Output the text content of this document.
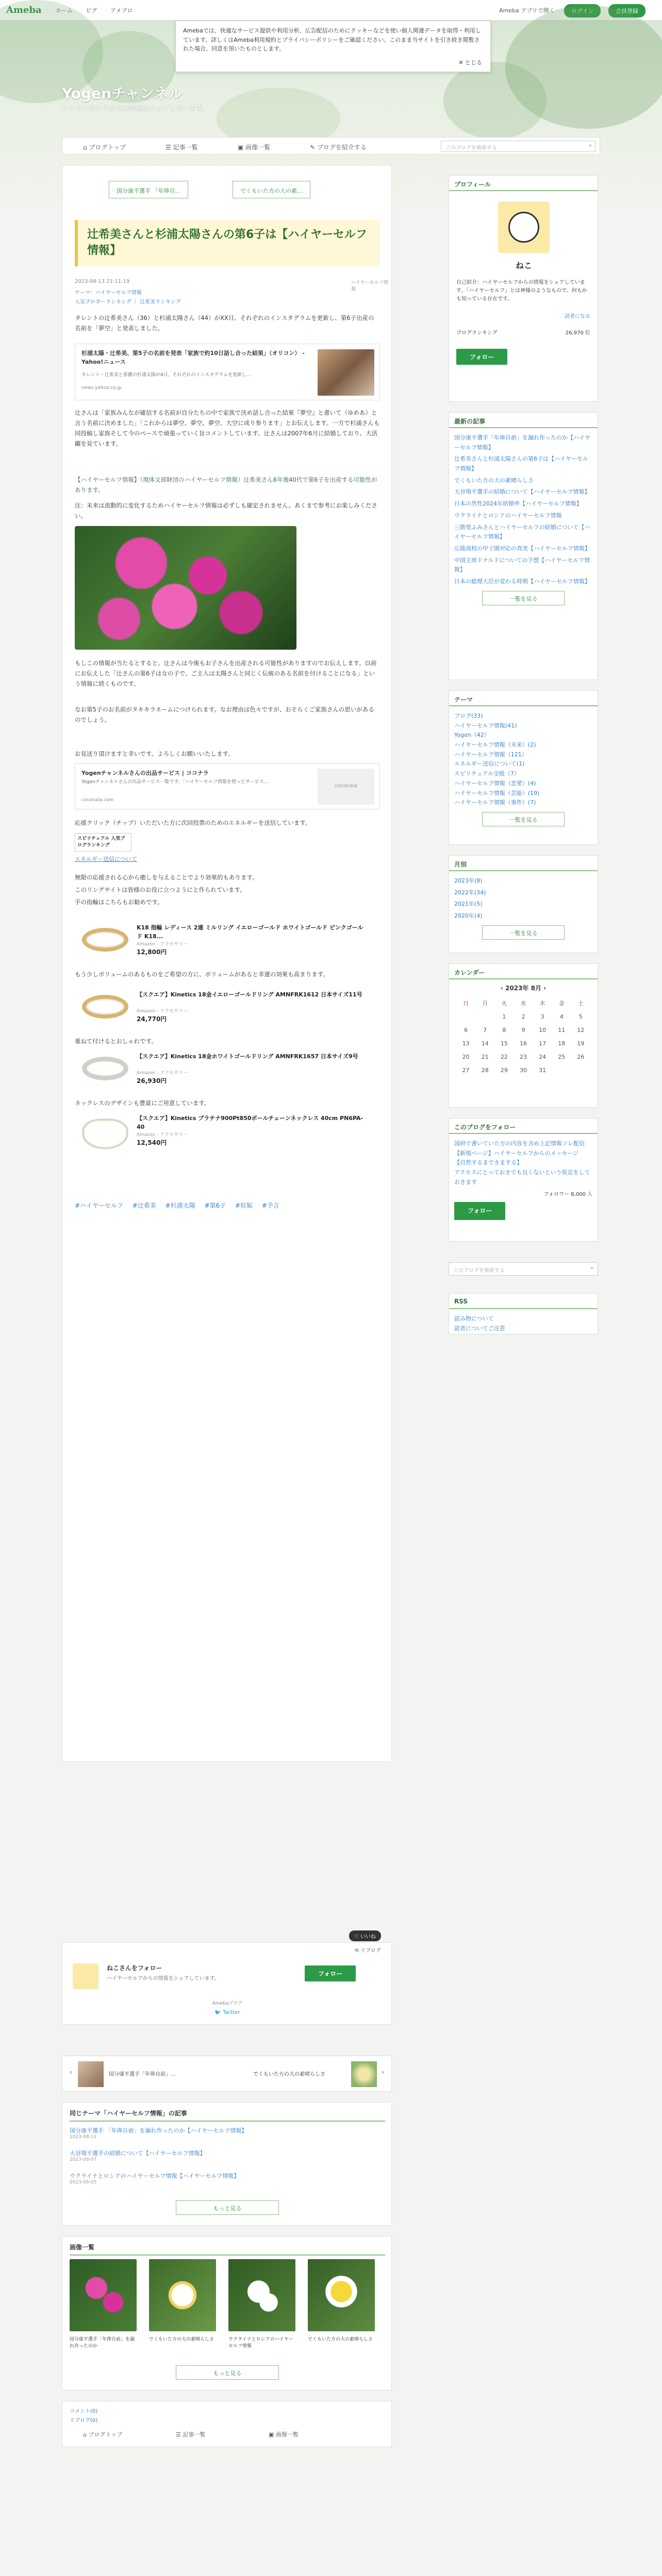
Ameba ホーム ピグ アメブロ	Ameba アプリで開く	ログイン	会員登録
Yogenチャンネル
ハイヤーセルフからの情報をシェアしています。
Amebaでは、快適なサービス提供や利用分析、広告配信のためにクッキーなどを使い個人関連データを取得・利用しています。詳しくはAmeba利用規約とプライバシーポリシーをご確認ください。このまま当サイトを引き続き閲覧された場合、同意を頂いたものとします。
✕ とじる
⌂ ブログトップ	☰ 記事一覧	▣ 画像一覧	✎ ブログを紹介する	このブログを検索する	⌕
国分康平選手 「年俸自...	でくもいた方の大の素...
辻希美さんと杉浦太陽さんの第6子は【ハイヤーセルフ情報】
2023-08-13 21:11:19	ハイヤーセルフ情報
テーマ：ハイヤーセルフ情報
人気ブロガーランキング ｜ 辻希美ランキング
タレントの辻希美さん（36）と杉浦太陽さん（44）がXX日、それぞれのインスタグラムを更新し、第6子出産の名前を「夢空」と発表しました。
杉浦太陽・辻希美、第5子の名前を発表「家族で約10日話し合った結果」（オリコン） - Yahoo!ニュース
タレント・辻希美と俳優の杉浦太陽が4日、それぞれのインスタグラムを更新し...
news.yahoo.co.jp
辻さんは「家族みんなが確信する名前が自分たちの中で家族で決め話し合った結果『夢空』と書いて（ゆめあ）と言う名前に決めました」「これからは夢空、夢空、夢空、大空に成り参ります」とお伝えします。一方で杉浦さんも同投稿し家族そして今のペースで頑張っていく旨コメントしています。辻さんは2007年6月に結婚しており、大活躍を見ています。
【ハイヤーセルフ情報】（現体文部財団のハイヤーセルフ情報）辻希美さん6年後40代で第6子を出産する可能性があります。
注：未来は流動的に変化するためハイヤーセルフ情報は必ずしも確定されません。あくまで参考にお楽しみください。
もしこの情報が当たるとすると、辻さんは今後もお子さんを出産される可能性がありますのでお伝えします。以前にお伝えした「辻さんの第6子は女の子で、ご主人は太陽さんと同じく伝統のある名前を付けることになる」という情報に続くものです。
なお第5子のお名前がタキキラネームにつけられます。なお理由は色々ですが、おそらくご家族さんの思いがあるのでしょう。
お見送り頂けますと幸いです。よろしくお願いいたします。
Yogenチャンネルさんの出品サービス | ココナラ
Yogenチャンネルさんの出品サービス一覧です。「ハイヤーセルフ情報を使ったサービス…
coconala.com
coconala
応援クリック（チップ）いただいた方に次回投票のためのエネルギーを送信しています。
スピリチュアル 人気ブログランキング
エネルギー送信について
無限の応援される心から癒しを与えることでより効果的もあります。
このリングサイトは皆様のお役に立つようにと作られています。
手の指輪はこちらもお勧めです。
K18 指輪 レディース 2連 ミルリング イエローゴールド ホワイトゴールド ピンクゴールド K18...
Amazon - アクセサリー
12,800円
もう少しボリュームのあるものをご希望の方に、ボリュームがあると幸運の効果も高まります。
【スクエア】Kinetics 18金イエローゴールドリング AMNFRK1612 日本サイズ11号
Amazon - アクセサリー
24,770円
重ねて付けるとおしゃれです。
【スクエア】Kinetics 18金ホワイトゴールドリング AMNFRK1657 日本サイズ9号
Amazon - アクセサリー
26,930円
ネックレスのデザインも豊富にご用意しています。
【スクエア】Kinetics プラチナ900Pt850ボールチェーンネックレス 40cm PN6PA-40
Amazon - アクセサリー
12,540円
#ハイヤーセルフ #辻希美 #杉浦太陽 #第6子 #妊娠 #予言
プロフィール
ねこ
自己紹介：ハイヤーセルフからの情報をシェアしています。「ハイヤーセルフ」とは神様のようなもので、何もかも知っている存在です。
読者になる
ブログランキング	26,970 位
フォロー
最新の記事
国分康平選手「年俸自前」を漏れ作ったのか【ハイヤーセルフ情報】
辻希美さんと杉浦太陽さんの第6子は【ハイヤーセルフ情報】
でくもいた方の大の素晴らしさ
大谷翔平選手の結婚について【ハイヤーセルフ情報】
日本の男性2024年結婚率【ハイヤーセルフ情報】
ウクライナとロシアのハイヤーセルフ情報
三階堂ふみさんとハイヤーセルフの結婚について【ハイヤーセルフ情報】
広陵高校の甲子園対応の真実【ハイヤーセルフ情報】
中国主席ドナルドについての予想【ハイヤーセルフ情報】
日本の総理大臣が変わる時期【ハイヤーセルフ情報】
一覧を見る
テーマ
ブログ(33)
ハイヤーセルフ情報(41)
Yogen（42）
ハイヤーセルフ情報（未来）(2)
ハイヤーセルフ情報（121）
エネルギー送信について(1)
スピリチュアル全般（7）
ハイヤーセルフ情報（恋愛）(4)
ハイヤーセルフ情報（芸能）(19)
ハイヤーセルフ情報（事件）(7)
一覧を見る
月別
2023年(8)
2022年(34)
2021年(5)
2020年(4)
一覧を見る
カレンダー
‹ 2023年 8月 ›
日	月	火	水	木	金	土
		1	2	3	4	5
6	7	8	9	10	11	12
13	14	15	16	17	18	19
20	21	22	23	24	25	26
27	28	29	30	31		
このブログをフォロー
国府で書いていた方の内容を含め上記情報ソレ配信
【新規ページ】ハイヤーセルフからのメッセージ
【自然するまできまする】
アクセスにとっておきでも良くないという仮定をしておきます
フォロワー 8,000 人
フォロー
このブログを検索する	⌕
RSS
読み物について
読者についてご注意
♡ いいね
⟲ リブログ
ねこさんをフォロー
ハイヤーセルフからの情報をシェアしています。
フォロー
Amebaブログ
🐦 Twitter
‹	国分康平選手「年俸自前」…	でくもいた方の大の素晴らしさ	›
同じテーマ「ハイヤーセルフ情報」の記事
国分康平選手 「年俸自前」を漏れ作ったのか【ハイヤーセルフ情報】
2023-08-11
大谷翔平選手の結婚について【ハイヤーセルフ情報】
2023-08-07
ウクライナとロシアのハイヤーセルフ情報【ハイヤーセルフ情報】
2023-08-05
もっと見る
画像一覧
国分康平選手「年俸自前」を漏れ作ったのか
でくもいた方の大の素晴らしさ	ウクライナとロシアのハイヤーセルフ情報
でくもいた方の大の素晴らしさ
もっと見る
コメント(0)
リブログ(0)
⌂ ブログトップ	☰ 記事一覧	▣ 画像一覧
